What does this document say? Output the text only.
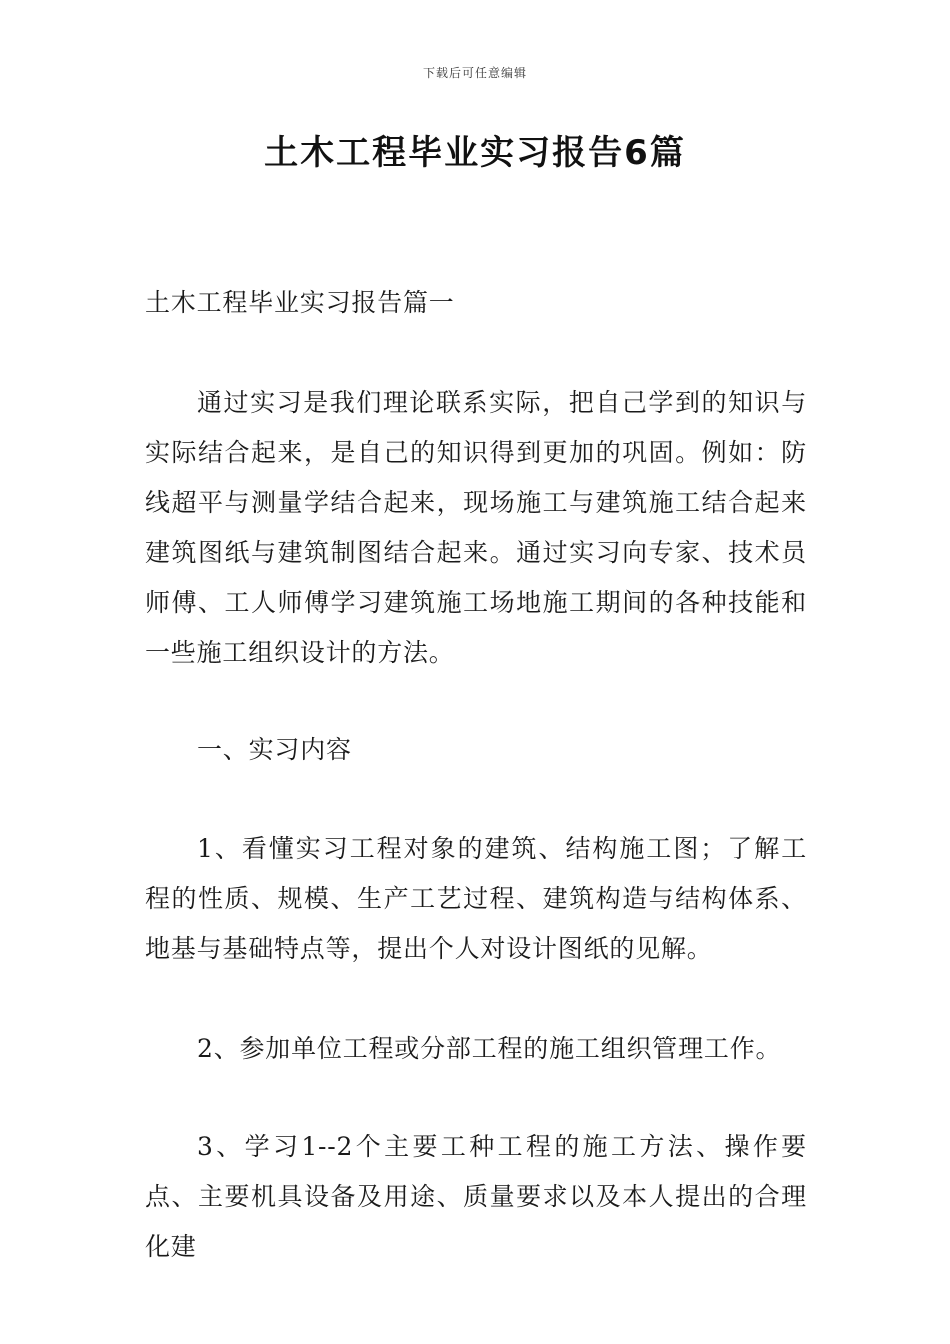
下载后可任意编辑
土木工程毕业实习报告6篇

土木工程毕业实习报告篇一

通过实习是我们理论联系实际，把自己学到的知识与实际结合起来，是自己的知识得到更加的巩固。例如：防线超平与测量学结合起来，现场施工与建筑施工结合起来建筑图纸与建筑制图结合起来。通过实习向专家、技术员师傅、工人师傅学习建筑施工场地施工期间的各种技能和一些施工组织设计的方法。

一、实习内容

1、看懂实习工程对象的建筑、结构施工图；了解工程的性质、规模、生产工艺过程、建筑构造与结构体系、地基与基础特点等，提出个人对设计图纸的见解。

2、参加单位工程或分部工程的施工组织管理工作。

3、学习1--2个主要工种工程的施工方法、操作要点、主要机具设备及用途、质量要求以及本人提出的合理化建
